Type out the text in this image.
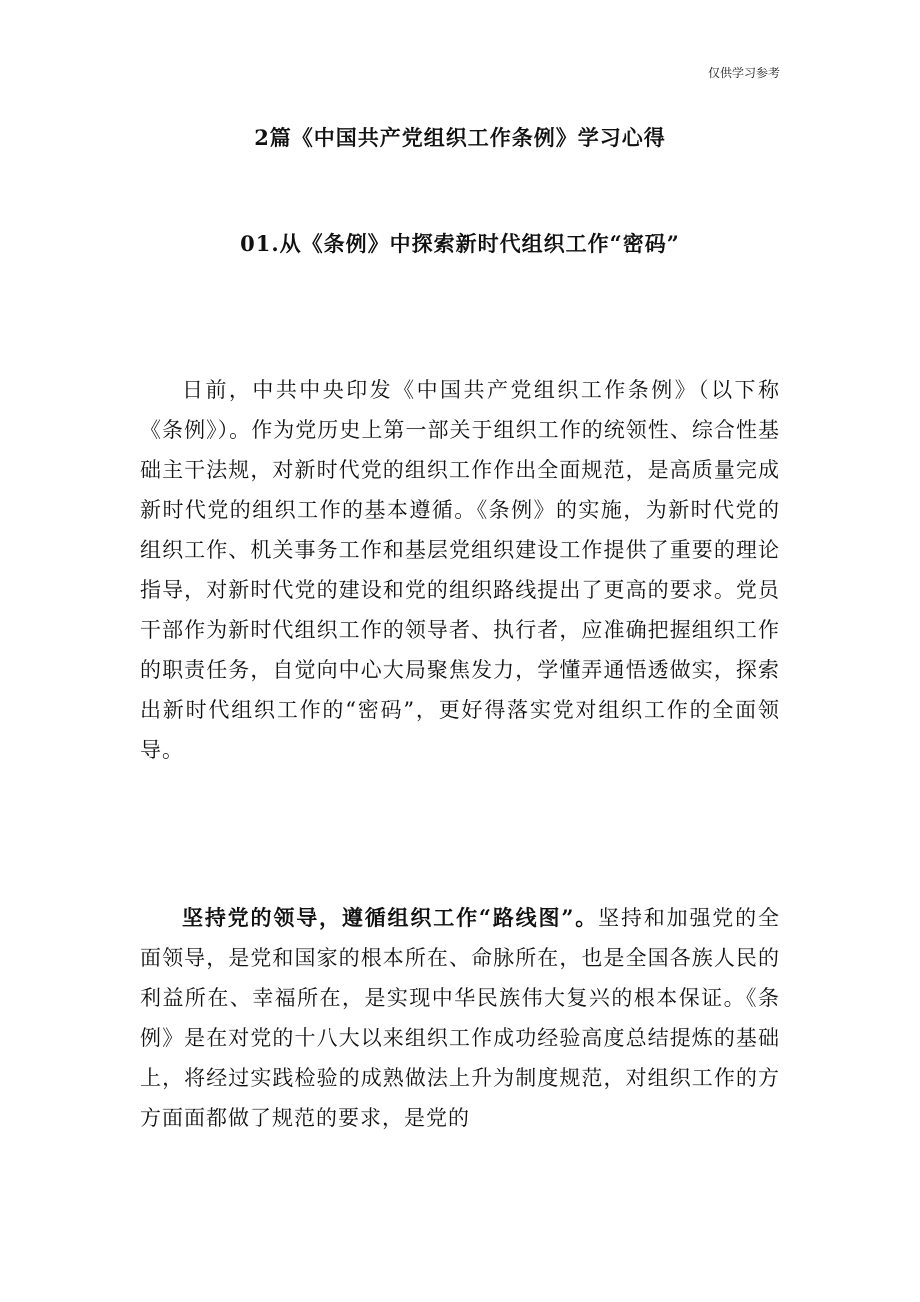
仅供学习参考
2篇《中国共产党组织工作条例》学习心得
01.从《条例》中探索新时代组织工作“密码”

日前，中共中央印发《中国共产党组织工作条例》（以下称《条例》）。作为党历史上第一部关于组织工作的统领性、综合性基础主干法规，对新时代党的组织工作作出全面规范，是高质量完成新时代党的组织工作的基本遵循。《条例》的实施，为新时代党的组织工作、机关事务工作和基层党组织建设工作提供了重要的理论指导，对新时代党的建设和党的组织路线提出了更高的要求。党员干部作为新时代组织工作的领导者、执行者，应准确把握组织工作的职责任务，自觉向中心大局聚焦发力，学懂弄通悟透做实，探索出新时代组织工作的“密码”，更好得落实党对组织工作的全面领导。

坚持党的领导，遵循组织工作“路线图”。坚持和加强党的全面领导，是党和国家的根本所在、命脉所在，也是全国各族人民的利益所在、幸福所在，是实现中华民族伟大复兴的根本保证。《条例》是在对党的十八大以来组织工作成功经验高度总结提炼的基础上，将经过实践检验的成熟做法上升为制度规范，对组织工作的方方面面都做了规范的要求，是党的
